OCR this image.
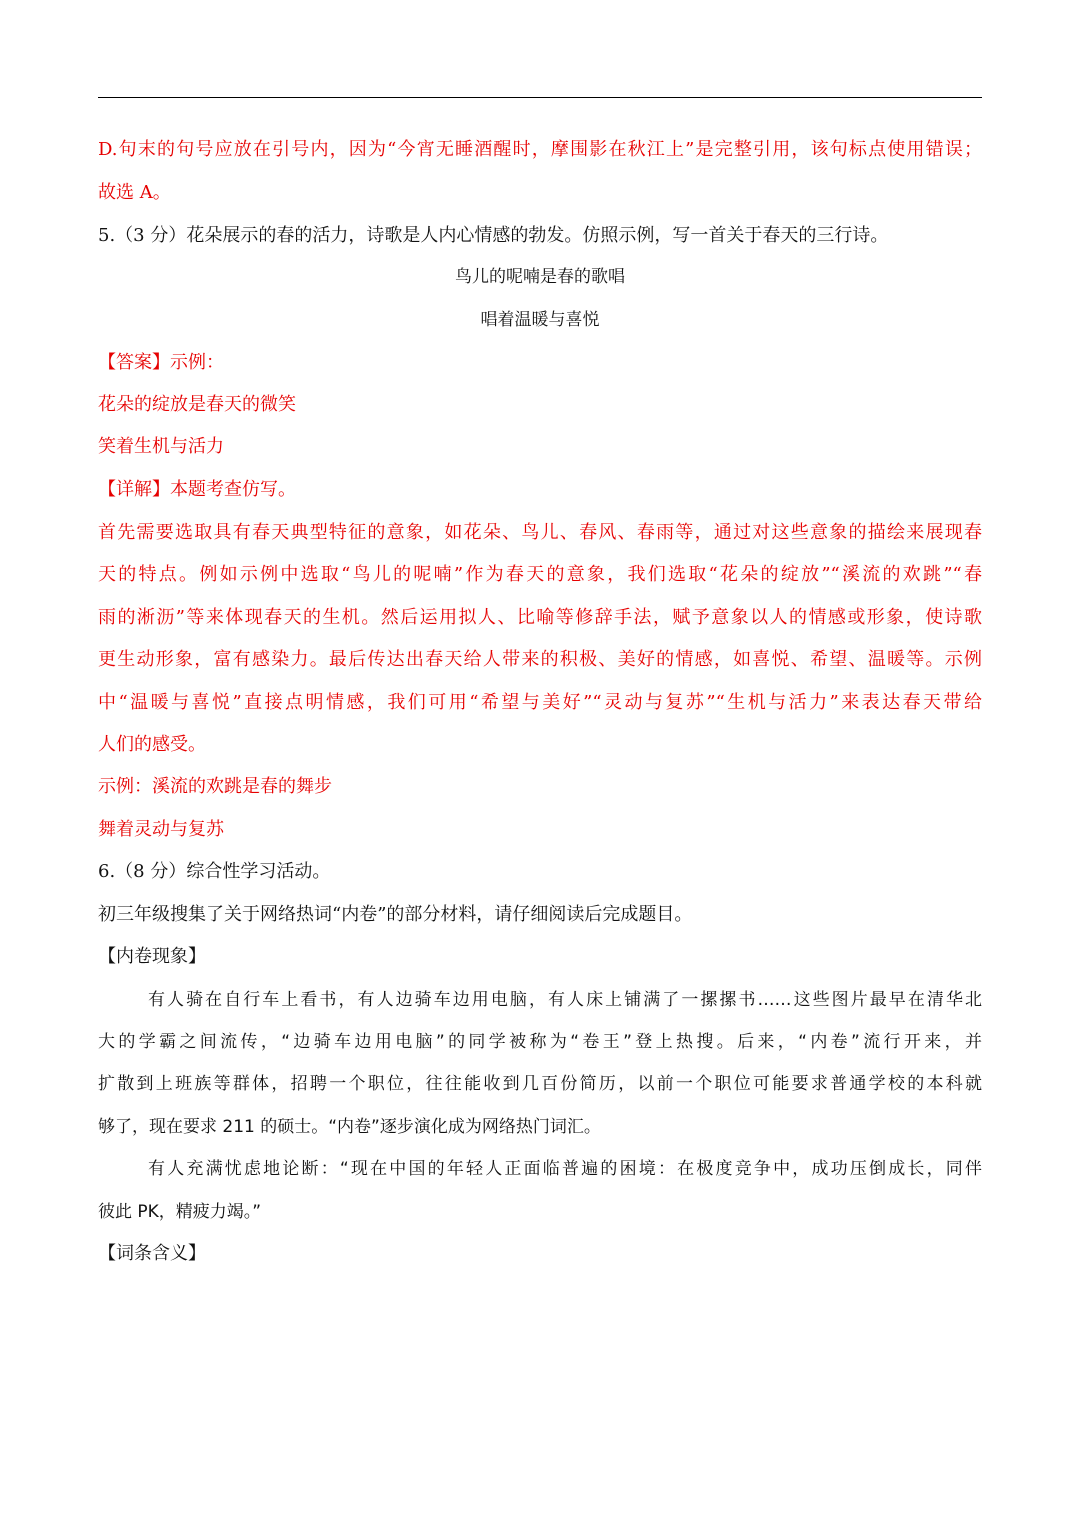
D.句末的句号应放在引号内，因为“今宵无睡酒醒时，摩围影在秋江上”是完整引用，该句标点使用错误；
故选 A。
5.（3 分）花朵展示的春的活力，诗歌是人内心情感的勃发。仿照示例，写一首关于春天的三行诗。
鸟儿的呢喃是春的歌唱
唱着温暖与喜悦
【答案】示例：
花朵的绽放是春天的微笑
笑着生机与活力
【详解】本题考查仿写。
首先需要选取具有春天典型特征的意象，如花朵、鸟儿、春风、春雨等，通过对这些意象的描绘来展现春
天的特点。例如示例中选取“鸟儿的呢喃”作为春天的意象，我们选取“花朵的绽放”“溪流的欢跳”“春
雨的淅沥”等来体现春天的生机。然后运用拟人、比喻等修辞手法，赋予意象以人的情感或形象，使诗歌
更生动形象，富有感染力。最后传达出春天给人带来的积极、美好的情感，如喜悦、希望、温暖等。示例
中“温暖与喜悦”直接点明情感，我们可用“希望与美好”“灵动与复苏”“生机与活力”来表达春天带给
人们的感受。
示例：溪流的欢跳是春的舞步
舞着灵动与复苏
6.（8 分）综合性学习活动。
初三年级搜集了关于网络热词“内卷”的部分材料，请仔细阅读后完成题目。
【内卷现象】
有人骑在自行车上看书，有人边骑车边用电脑，有人床上铺满了一摞摞书……这些图片最早在清华北
大的学霸之间流传，“边骑车边用电脑”的同学被称为“卷王”登上热搜。后来，“内卷”流行开来，并
扩散到上班族等群体，招聘一个职位，往往能收到几百份简历，以前一个职位可能要求普通学校的本科就
够了，现在要求 211 的硕士。“内卷”逐步演化成为网络热门词汇。
有人充满忧虑地论断：“现在中国的年轻人正面临普遍的困境：在极度竞争中，成功压倒成长，同伴
彼此 PK，精疲力竭。”
【词条含义】
